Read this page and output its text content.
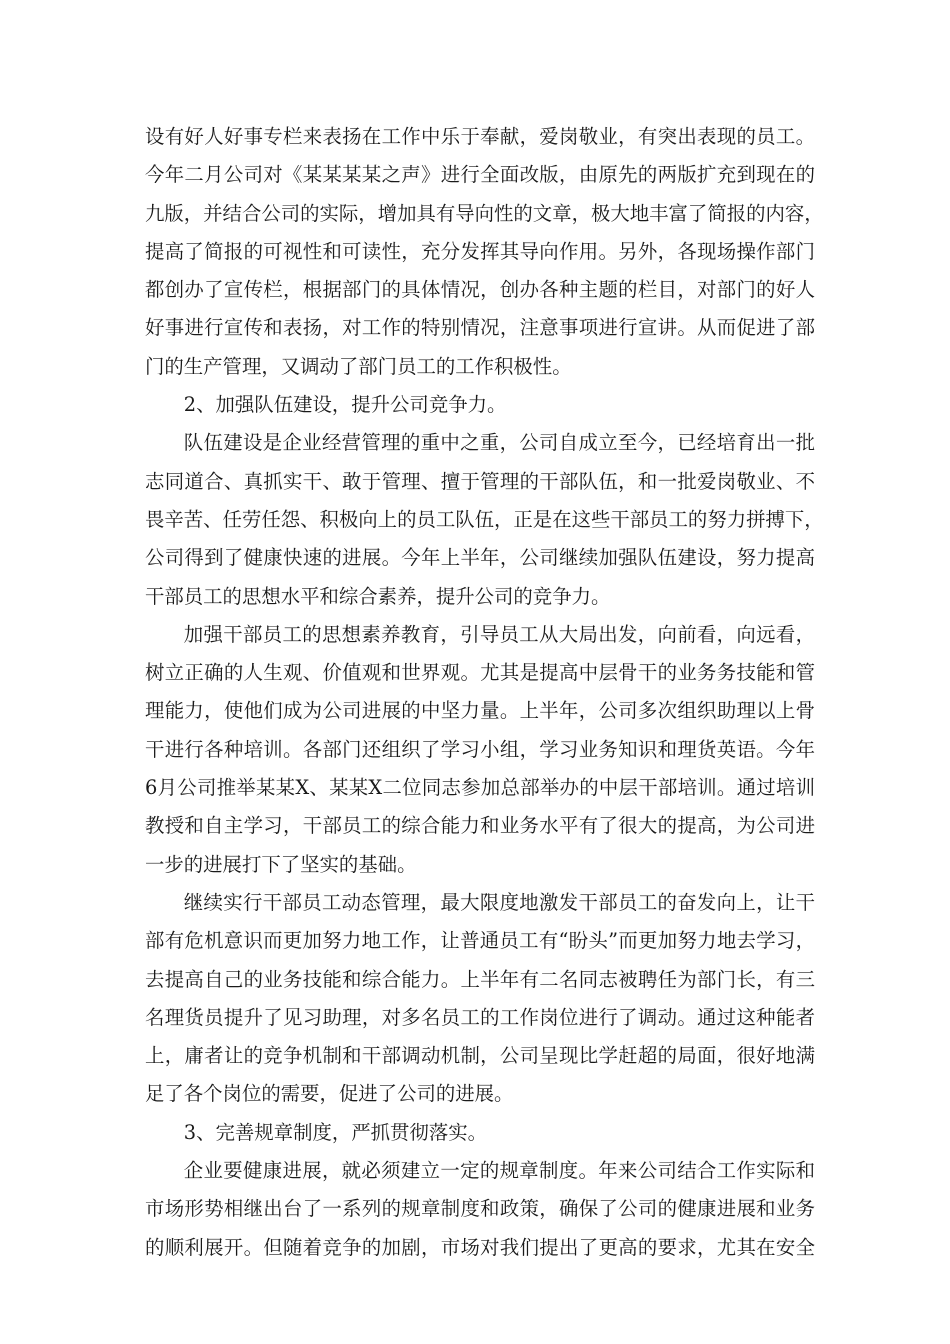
设有好人好事专栏来表扬在工作中乐于奉献，爱岗敬业，有突出表现的员工。
今年二月公司对《某某某某之声》进行全面改版，由原先的两版扩充到现在的
九版，并结合公司的实际，增加具有导向性的文章，极大地丰富了简报的内容，
提高了简报的可视性和可读性，充分发挥其导向作用。另外，各现场操作部门
都创办了宣传栏，根据部门的具体情况，创办各种主题的栏目，对部门的好人
好事进行宣传和表扬，对工作的特别情况，注意事项进行宣讲。从而促进了部
门的生产管理，又调动了部门员工的工作积极性。

2、加强队伍建设，提升公司竞争力。

队伍建设是企业经营管理的重中之重，公司自成立至今，已经培育出一批
志同道合、真抓实干、敢于管理、擅于管理的干部队伍，和一批爱岗敬业、不
畏辛苦、任劳任怨、积极向上的员工队伍，正是在这些干部员工的努力拼搏下，
公司得到了健康快速的进展。今年上半年，公司继续加强队伍建设，努力提高
干部员工的思想水平和综合素养，提升公司的竞争力。

加强干部员工的思想素养教育，引导员工从大局出发，向前看，向远看，
树立正确的人生观、价值观和世界观。尤其是提高中层骨干的业务务技能和管
理能力，使他们成为公司进展的中坚力量。上半年，公司多次组织助理以上骨
干进行各种培训。各部门还组织了学习小组，学习业务知识和理货英语。今年
6月公司推举某某X、某某X二位同志参加总部举办的中层干部培训。通过培训
教授和自主学习，干部员工的综合能力和业务水平有了很大的提高，为公司进
一步的进展打下了坚实的基础。

继续实行干部员工动态管理，最大限度地激发干部员工的奋发向上，让干
部有危机意识而更加努力地工作，让普通员工有“盼头”而更加努力地去学习，
去提高自己的业务技能和综合能力。上半年有二名同志被聘任为部门长，有三
名理货员提升了见习助理，对多名员工的工作岗位进行了调动。通过这种能者
上，庸者让的竞争机制和干部调动机制，公司呈现比学赶超的局面，很好地满
足了各个岗位的需要，促进了公司的进展。

3、完善规章制度，严抓贯彻落实。

企业要健康进展，就必须建立一定的规章制度。年来公司结合工作实际和
市场形势相继出台了一系列的规章制度和政策，确保了公司的健康进展和业务
的顺利展开。但随着竞争的加剧，市场对我们提出了更高的要求，尤其在安全
